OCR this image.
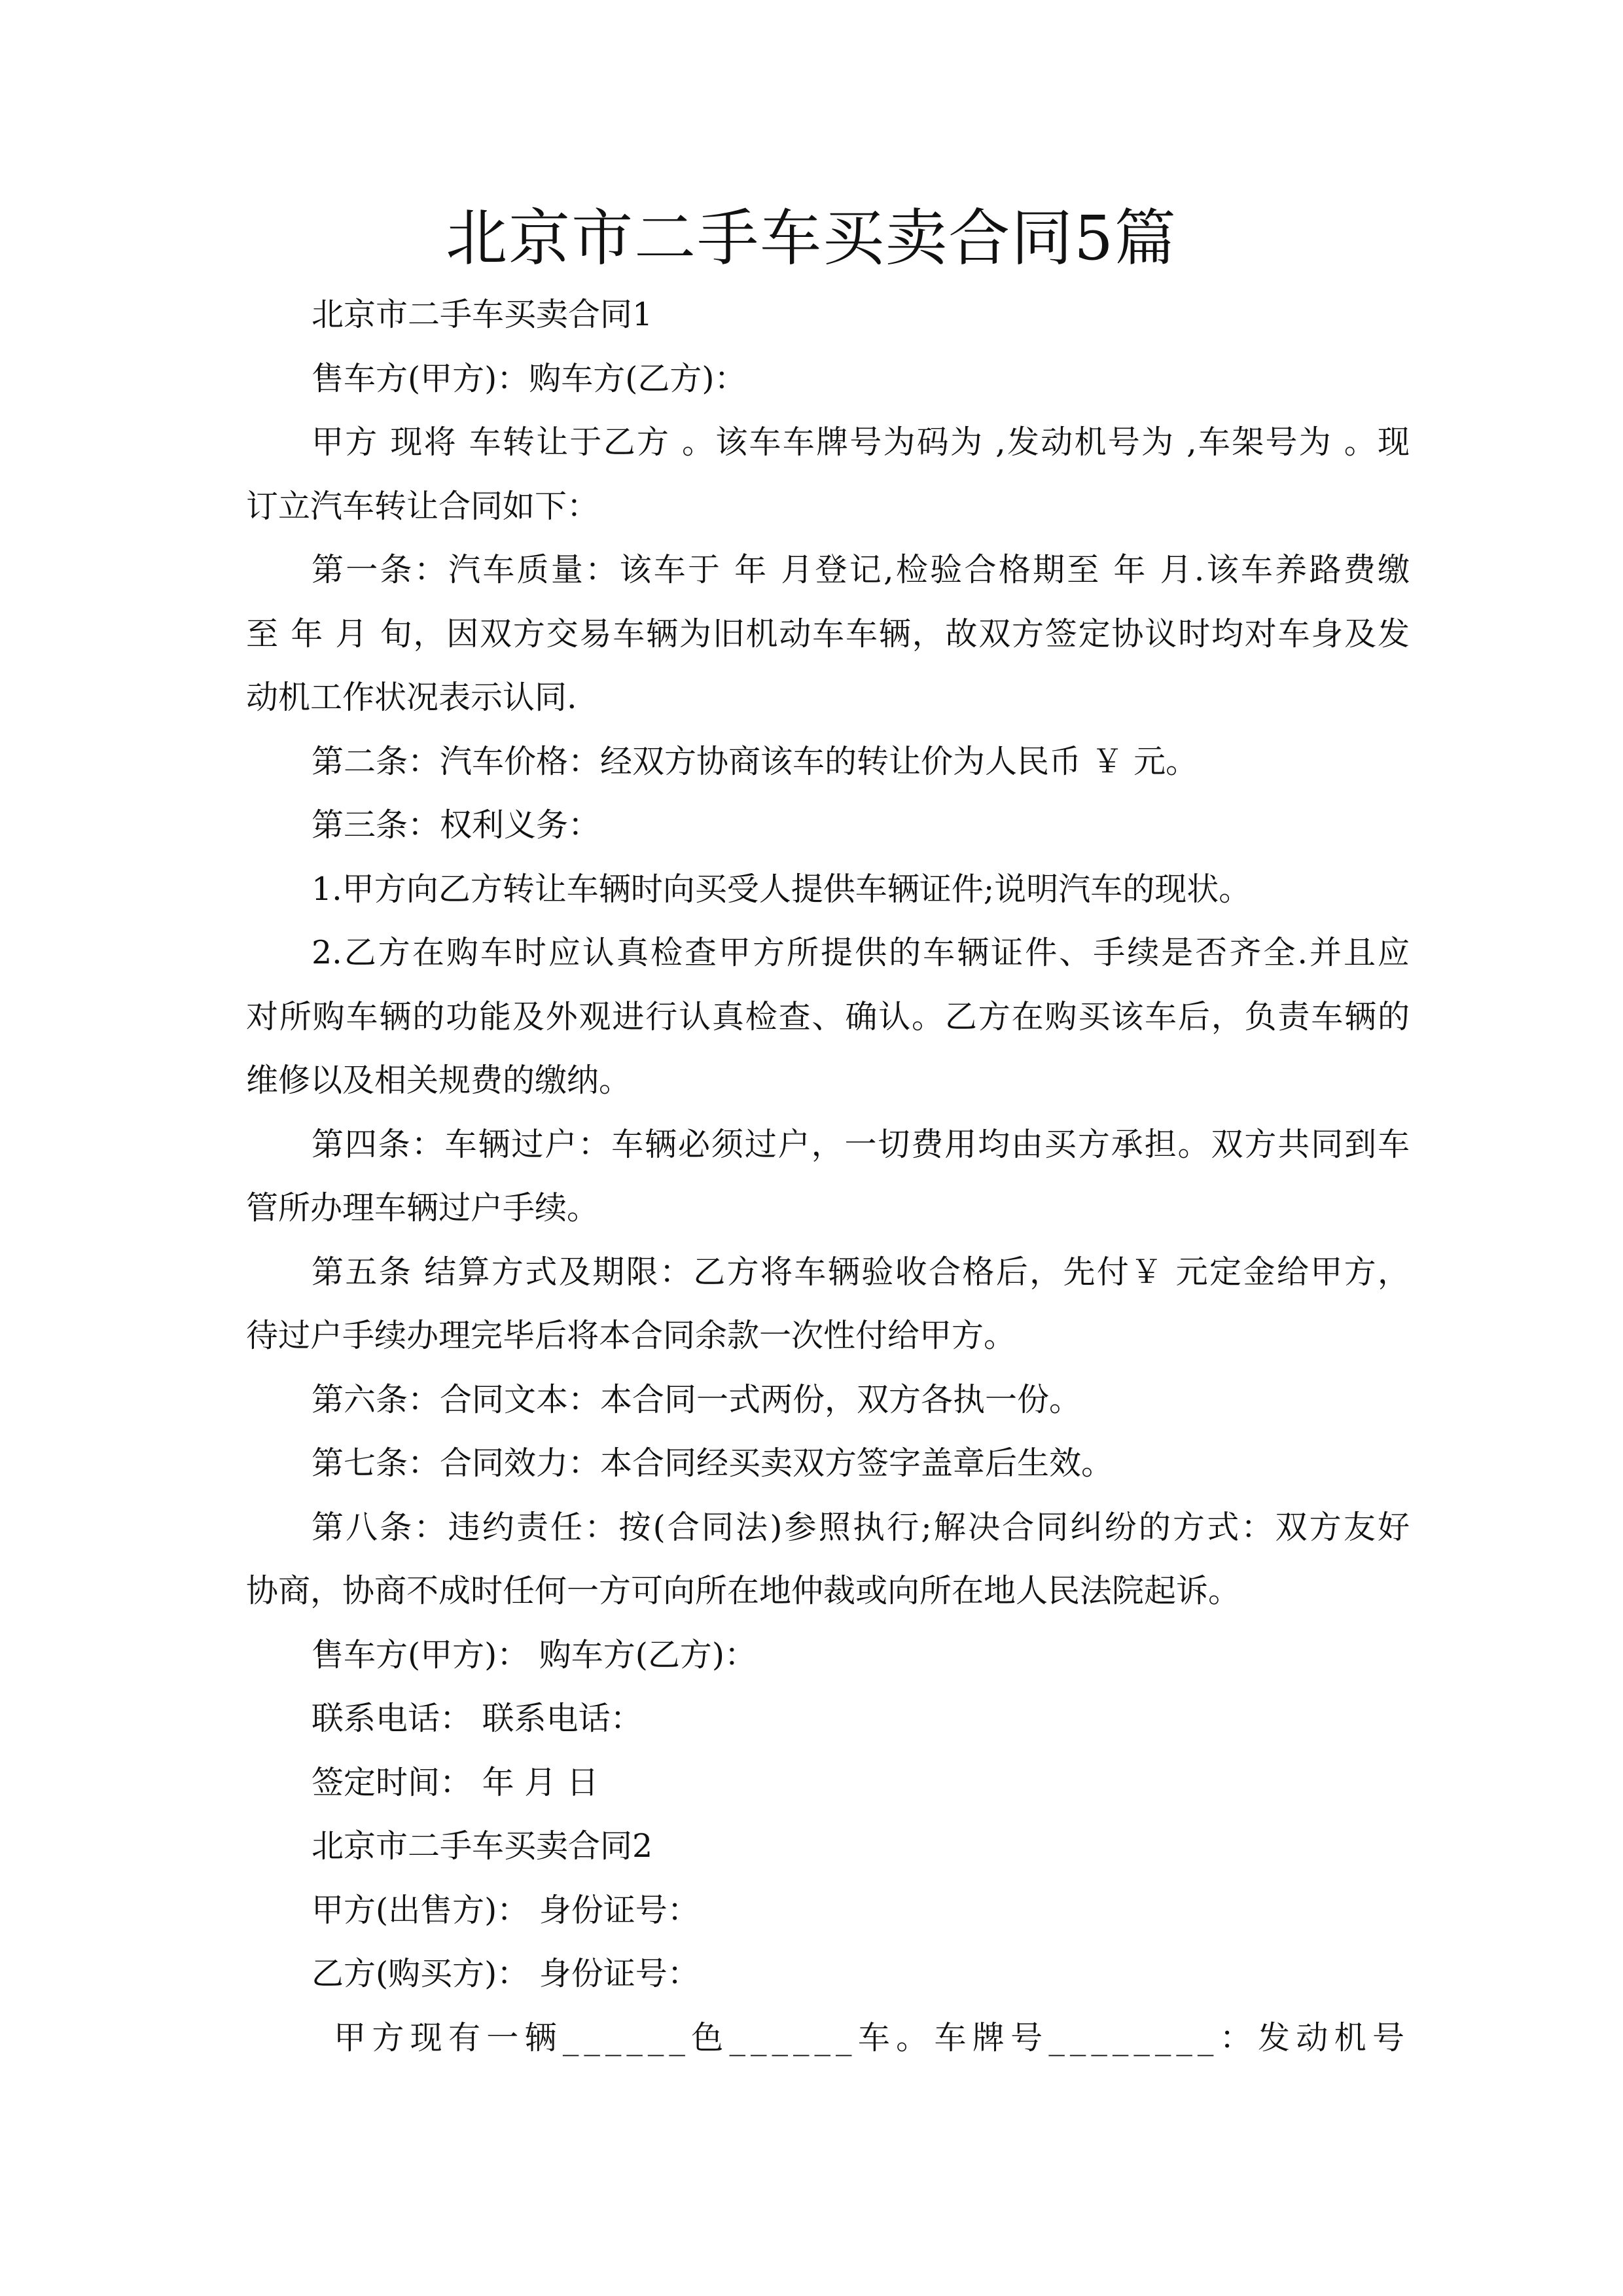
北京市二手车买卖合同5篇
北京市二手车买卖合同1
售车方(甲方)：购车方(乙方)：
甲方 现将 车转让于乙方 。该车车牌号为码为 ,发动机号为 ,车架号为 。现
订立汽车转让合同如下：
第一条：汽车质量：该车于 年 月登记,检验合格期至 年 月.该车养路费缴
至 年 月 旬，因双方交易车辆为旧机动车车辆，故双方签定协议时均对车身及发
动机工作状况表示认同.
第二条：汽车价格：经双方协商该车的转让价为人民币 ￥ 元。
第三条：权利义务：
1.甲方向乙方转让车辆时向买受人提供车辆证件;说明汽车的现状。
2.乙方在购车时应认真检查甲方所提供的车辆证件、手续是否齐全.并且应
对所购车辆的功能及外观进行认真检查、确认。乙方在购买该车后，负责车辆的
维修以及相关规费的缴纳。
第四条：车辆过户：车辆必须过户，一切费用均由买方承担。双方共同到车
管所办理车辆过户手续。
第五条 结算方式及期限：乙方将车辆验收合格后，先付￥ 元定金给甲方，
待过户手续办理完毕后将本合同余款一次性付给甲方。
第六条：合同文本：本合同一式两份，双方各执一份。
第七条：合同效力：本合同经买卖双方签字盖章后生效。
第八条：违约责任：按(合同法)参照执行;解决合同纠纷的方式：双方友好
协商，协商不成时任何一方可向所在地仲裁或向所在地人民法院起诉。
售车方(甲方)： 购车方(乙方)：
联系电话： 联系电话：
签定时间： 年 月 日
北京市二手车买卖合同2
甲方(出售方)： 身份证号：
乙方(购买方)： 身份证号：
甲方现有一辆______色______车。车牌号________：发动机号
